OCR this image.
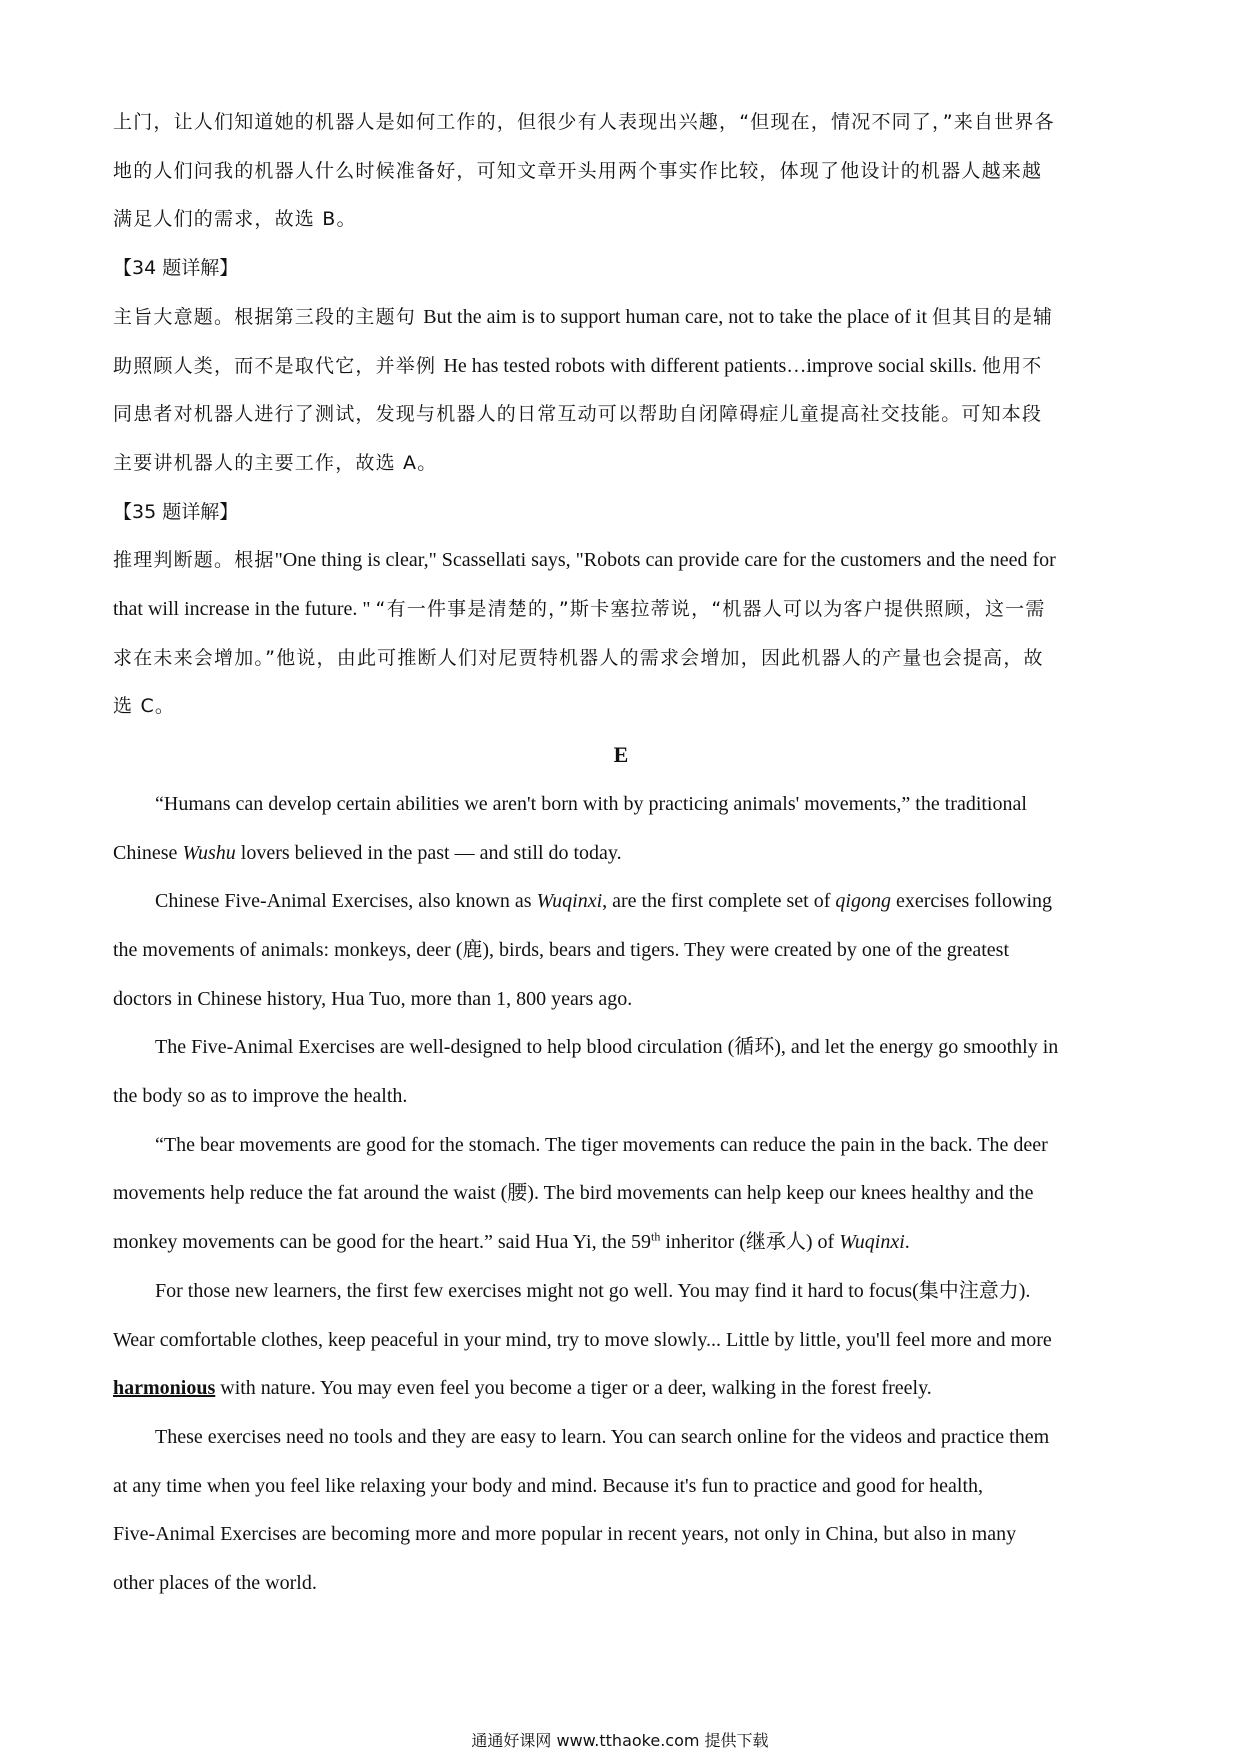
上门，让人们知道她的机器人是如何工作的，但很少有人表现出兴趣，“但现在，情况不同了，”来自世界各
地的人们问我的机器人什么时候准备好，可知文章开头用两个事实作比较，体现了他设计的机器人越来越
满足人们的需求，故选 B。
【34 题详解】
主旨大意题。根据第三段的主题句 But the aim is to support human care, not to take the place of it 但其目的是辅
助照顾人类，而不是取代它，并举例 He has tested robots with different patients…improve social skills. 他用不
同患者对机器人进行了测试，发现与机器人的日常互动可以帮助自闭障碍症儿童提高社交技能。可知本段
主要讲机器人的主要工作，故选 A。
【35 题详解】
推理判断题。根据"One thing is clear," Scassellati says, "Robots can provide care for the customers and the need for
that will increase in the future. " “有一件事是清楚的，”斯卡塞拉蒂说，“机器人可以为客户提供照顾，这一需
求在未来会增加。”他说，由此可推断人们对尼贾特机器人的需求会增加，因此机器人的产量也会提高，故
选 C。
E
“Humans can develop certain abilities we aren't born with by practicing animals' movements,” the traditional
Chinese Wushu lovers believed in the past — and still do today.
Chinese Five-Animal Exercises, also known as Wuqinxi, are the first complete set of qigong exercises following
the movements of animals: monkeys, deer (鹿), birds, bears and tigers. They were created by one of the greatest
doctors in Chinese history, Hua Tuo, more than 1, 800 years ago.
The Five-Animal Exercises are well-designed to help blood circulation (循环), and let the energy go smoothly in
the body so as to improve the health.
“The bear movements are good for the stomach. The tiger movements can reduce the pain in the back. The deer
movements help reduce the fat around the waist (腰). The bird movements can help keep our knees healthy and the
monkey movements can be good for the heart.” said Hua Yi, the 59th inheritor (继承人) of Wuqinxi.
For those new learners, the first few exercises might not go well. You may find it hard to focus(集中注意力).
Wear comfortable clothes, keep peaceful in your mind, try to move slowly... Little by little, you'll feel more and more
harmonious with nature. You may even feel you become a tiger or a deer, walking in the forest freely.
These exercises need no tools and they are easy to learn. You can search online for the videos and practice them
at any time when you feel like relaxing your body and mind. Because it's fun to practice and good for health,
Five-Animal Exercises are becoming more and more popular in recent years, not only in China, but also in many
other places of the world.
通通好课网 www.tthaoke.com 提供下载
